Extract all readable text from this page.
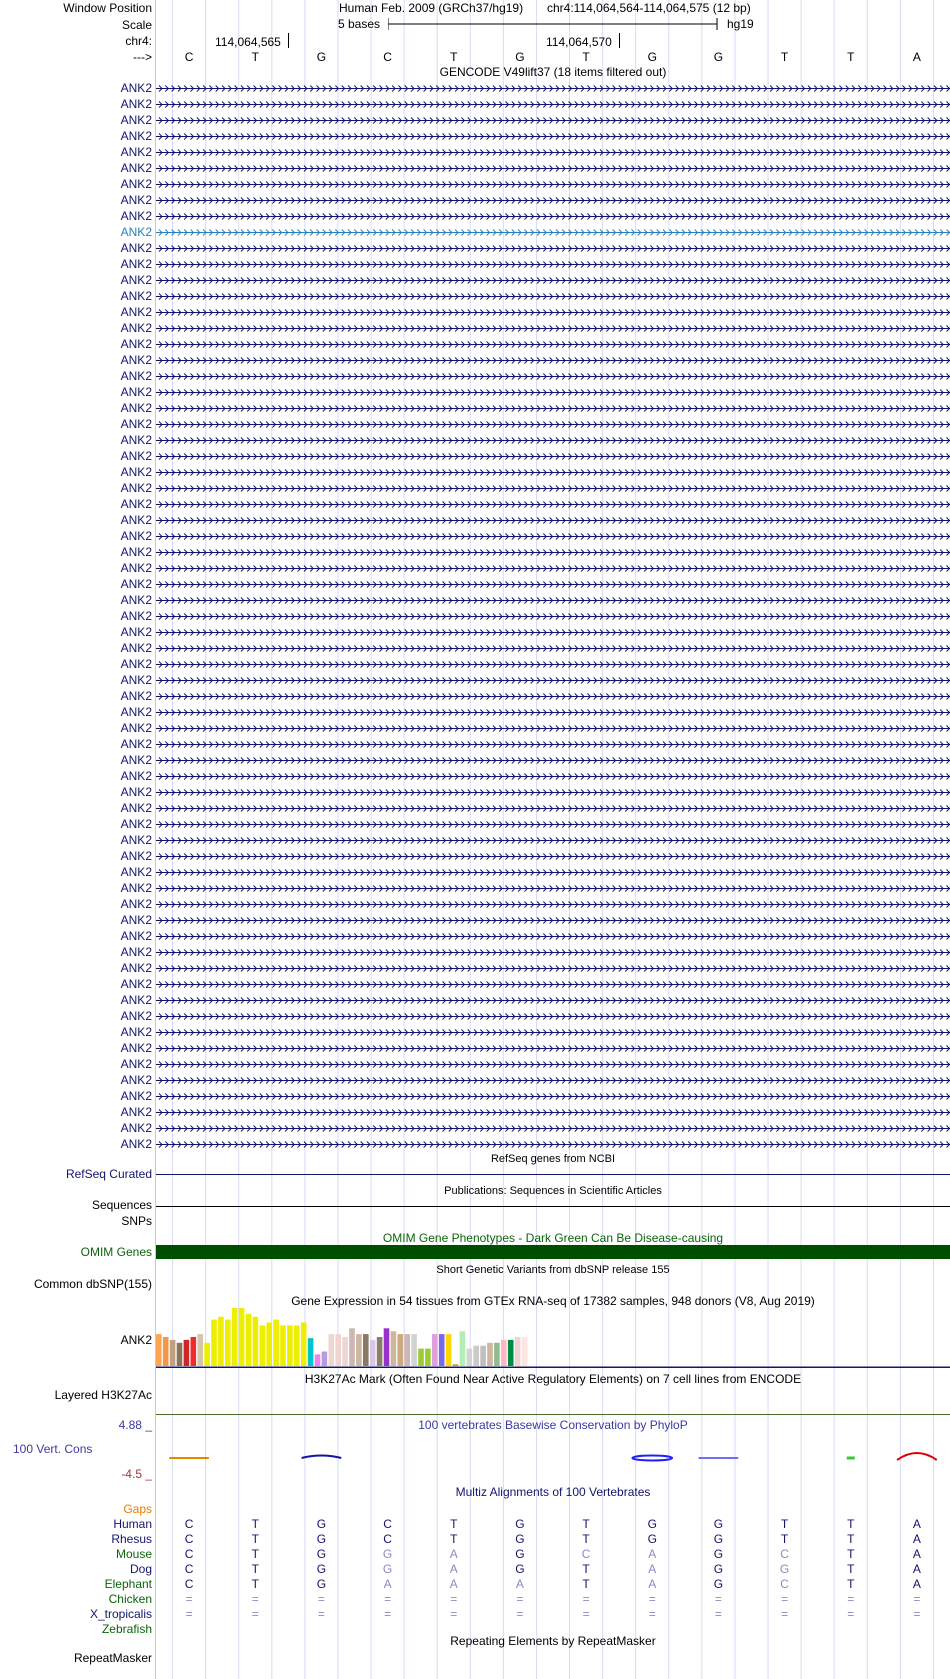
Window Position	Human Feb. 2009 (GRCh37/hg19) chr4:114,064,564-114,064,575 (12 bp)
Scale	5 bases	hg19
chr4:	114,064,565	114,064,570
--->	C	T	G	C	T	G	T	G	G	T	T	A
GENCODE V49lift37 (18 items filtered out)
ANK2
ANK2
ANK2
ANK2
ANK2
ANK2
ANK2
ANK2
ANK2
ANK2
ANK2
ANK2
ANK2
ANK2
ANK2
ANK2
ANK2
ANK2
ANK2
ANK2
ANK2
ANK2
ANK2
ANK2
ANK2
ANK2
ANK2
ANK2
ANK2
ANK2
ANK2
ANK2
ANK2
ANK2
ANK2
ANK2
ANK2
ANK2
ANK2
ANK2
ANK2
ANK2
ANK2
ANK2
ANK2
ANK2
ANK2
ANK2
ANK2
ANK2
ANK2
ANK2
ANK2
ANK2
ANK2
ANK2
ANK2
ANK2
ANK2
ANK2
ANK2
ANK2
ANK2
ANK2
ANK2
ANK2
ANK2
RefSeq genes from NCBI
RefSeq Curated
Publications: Sequences in Scientific Articles
Sequences
SNPs
OMIM Gene Phenotypes - Dark Green Can Be Disease-causing
OMIM Genes
Short Genetic Variants from dbSNP release 155
Common dbSNP(155)
Gene Expression in 54 tissues from GTEx RNA-seq of 17382 samples, 948 donors (V8, Aug 2019)
ANK2
H3K27Ac Mark (Often Found Near Active Regulatory Elements) on 7 cell lines from ENCODE
Layered H3K27Ac
100 vertebrates Basewise Conservation by PhyloP
4.88 _
100 Vert. Cons
-4.5 _
Multiz Alignments of 100 Vertebrates
Gaps
Human	C	T	G	C	T	G	T	G	G	T	T	A
Rhesus	C	T	G	C	T	G	T	G	G	T	T	A
Mouse	C	T	G	G	A	G	C	A	G	C	T	A
Dog	C	T	G	G	A	G	T	A	G	G	T	A
Elephant	C	T	G	A	A	A	T	A	G	C	T	A
Chicken	=	=	=	=	=	=	=	=	=	=	=	=
X_tropicalis	=	=	=	=	=	=	=	=	=	=	=	=
Zebrafish
Repeating Elements by RepeatMasker
RepeatMasker
